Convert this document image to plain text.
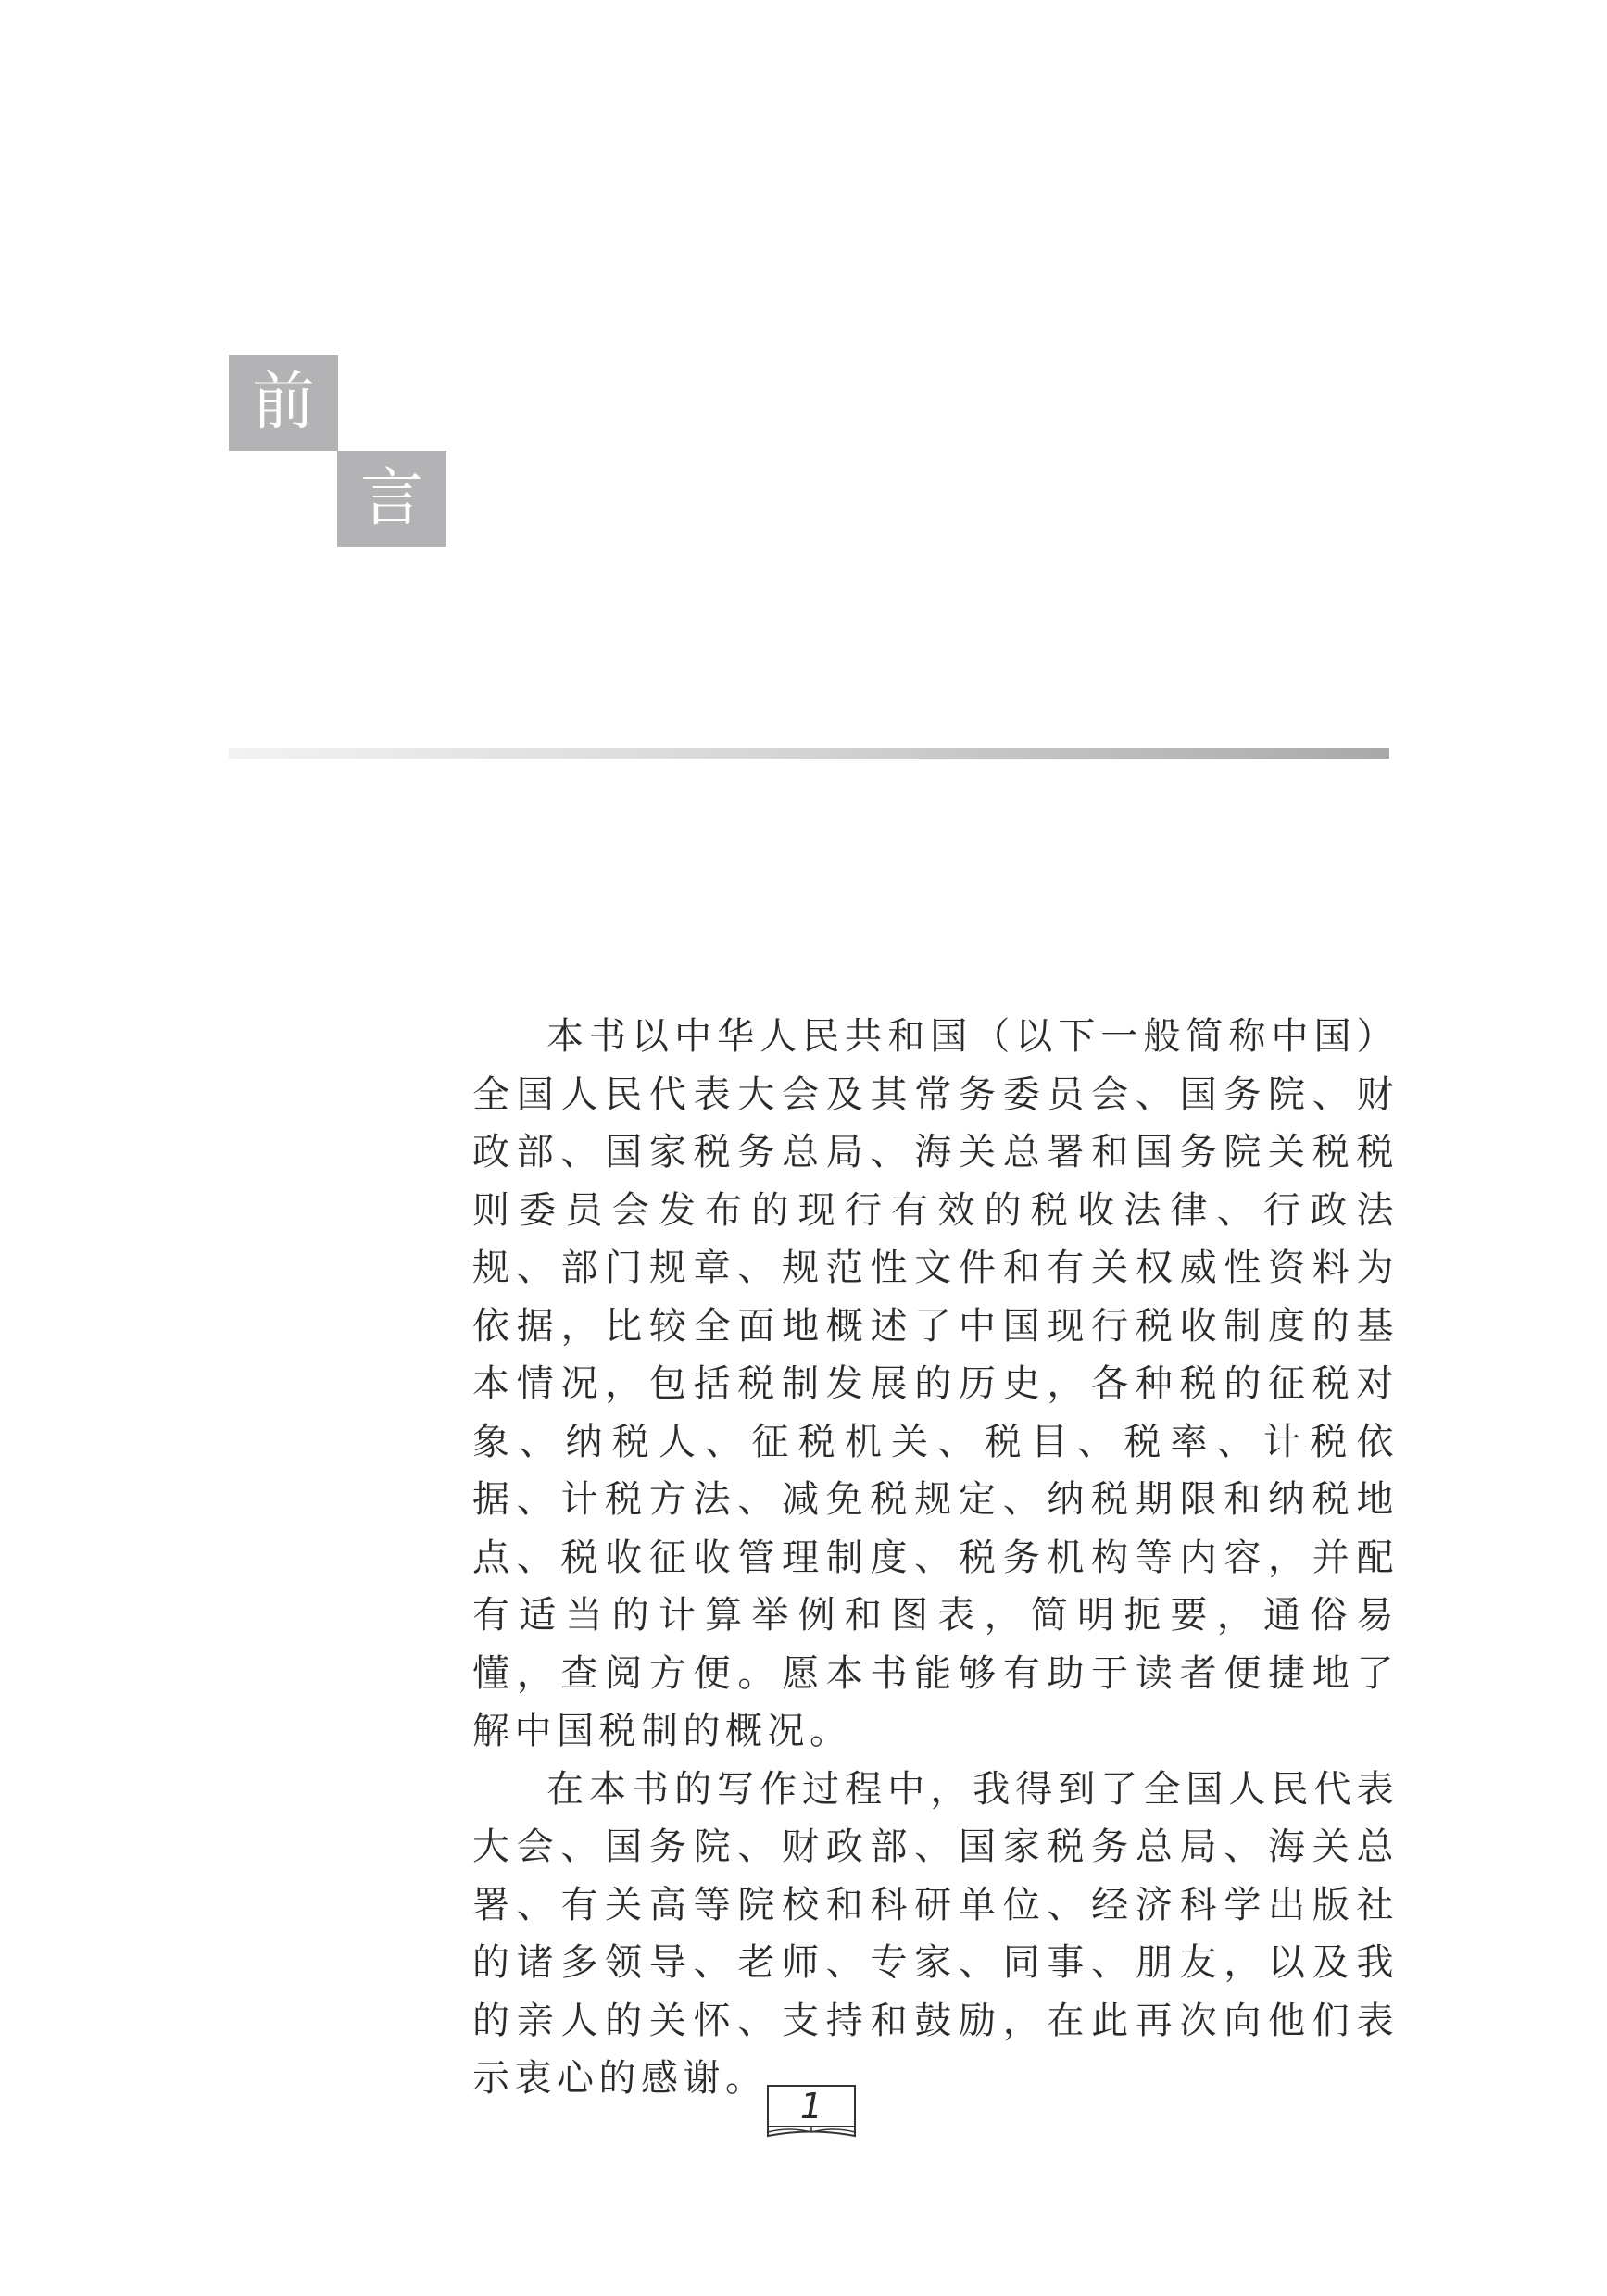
前
言

本书以中华人民共和国（以下一般简称中国）全国人民代表大会及其常务委员会、国务院、财政部、国家税务总局、海关总署和国务院关税税则委员会发布的现行有效的税收法律、行政法规、部门规章、规范性文件和有关权威性资料为依据，比较全面地概述了中国现行税收制度的基本情况，包括税制发展的历史，各种税的征税对象、纳税人、征税机关、税目、税率、计税依据、计税方法、减免税规定、纳税期限和纳税地点、税收征收管理制度、税务机构等内容，并配有适当的计算举例和图表，简明扼要，通俗易懂，查阅方便。愿本书能够有助于读者便捷地了解中国税制的概况。

在本书的写作过程中，我得到了全国人民代表大会、国务院、财政部、国家税务总局、海关总署、有关高等院校和科研单位、经济科学出版社的诸多领导、老师、专家、同事、朋友，以及我的亲人的关怀、支持和鼓励，在此再次向他们表示衷心的感谢。

1
